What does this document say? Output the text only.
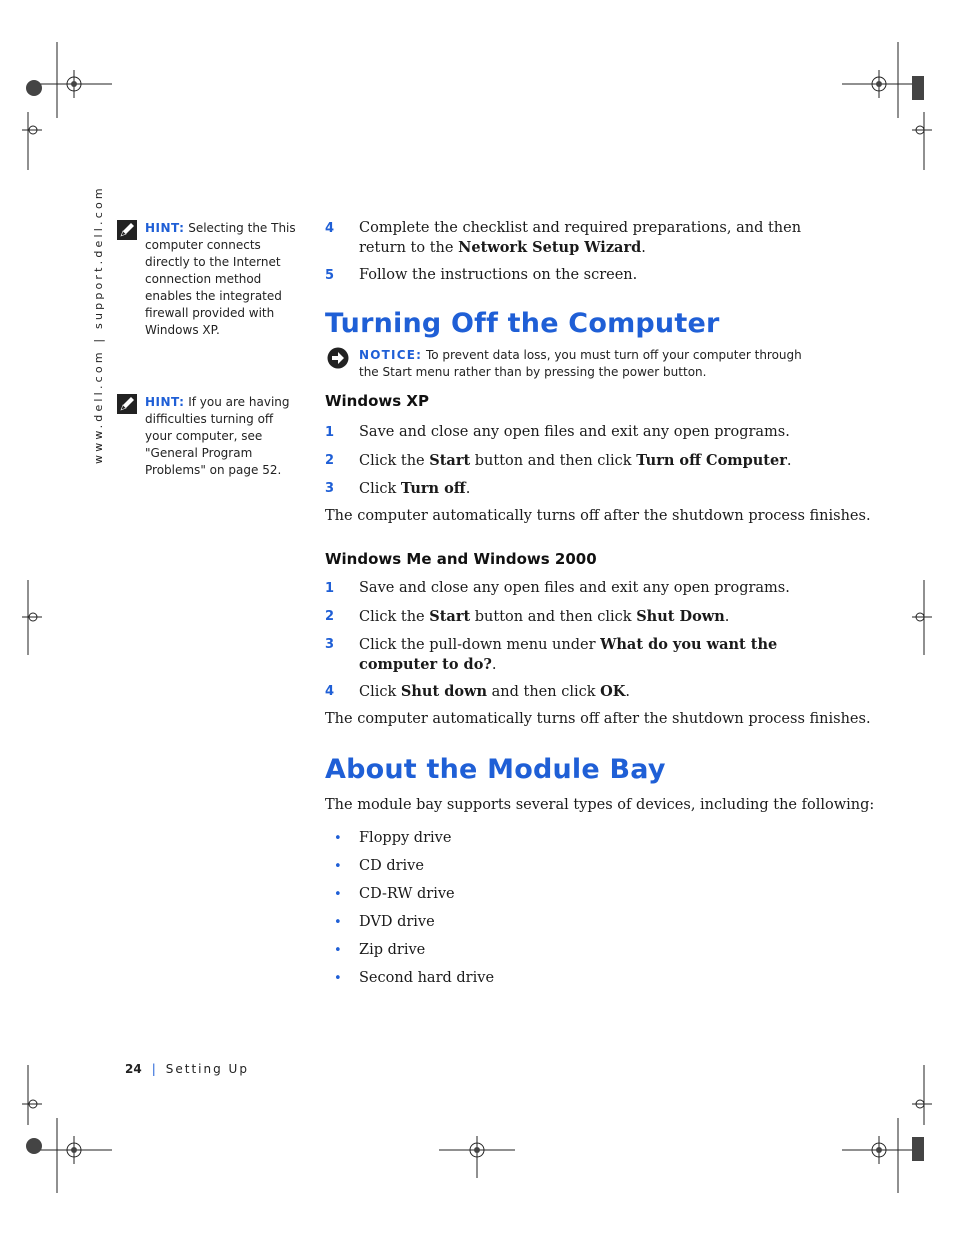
www.dell.com | support.dell.com	HINT: Selecting the This computer connects directly to the Internet connection method enables the integrated firewall provided with Windows XP.
HINT: If you are having difficulties turning off your computer, see "General Program Problems" on page 52.
4	Complete the checklist and required preparations, and then return to the Network Setup Wizard.
5	Follow the instructions on the screen.
Turning Off the Computer
NOTICE: To prevent data loss, you must turn off your computer through the Start menu rather than by pressing the power button.
Windows XP
1	Save and close any open files and exit any open programs.
2	Click the Start button and then click Turn off Computer.
3	Click Turn off.
The computer automatically turns off after the shutdown process finishes.
Windows Me and Windows 2000
1	Save and close any open files and exit any open programs.
2	Click the Start button and then click Shut Down.
3	Click the pull-down menu under What do you want the computer to do?.
4	Click Shut down and then click OK.
The computer automatically turns off after the shutdown process finishes.
About the Module Bay
The module bay supports several types of devices, including the following:
• Floppy drive
• CD drive
• CD-RW drive
• DVD drive
• Zip drive
• Second hard drive
24 | Setting Up
